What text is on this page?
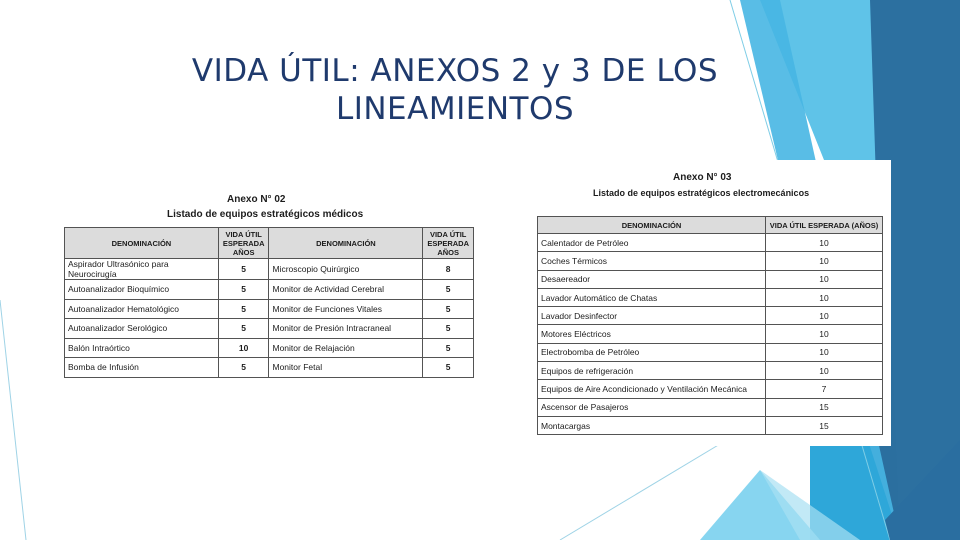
VIDA ÚTIL: ANEXOS 2 y 3 DE LOS
LINEAMIENTOS
Anexo N° 02
Listado de equipos estratégicos médicos
DENOMINACIÓN	VIDA ÚTIL ESPERADA AÑOS	DENOMINACIÓN	VIDA ÚTIL ESPERADA AÑOS
Aspirador Ultrasónico para Neurocirugía	5	Microscopio Quirúrgico	8
Autoanalizador Bioquímico	5	Monitor de Actividad Cerebral	5
Autoanalizador Hematológico	5	Monitor de Funciones Vitales	5
Autoanalizador Serológico	5	Monitor de Presión Intracraneal	5
Balón Intraórtico	10	Monitor de Relajación	5
Bomba de Infusión	5	Monitor Fetal	5
Anexo N° 03
Listado de equipos estratégicos electromecánicos
DENOMINACIÓN	VIDA ÚTIL ESPERADA (AÑOS)
Calentador de Petróleo	10
Coches Térmicos	10
Desaereador	10
Lavador Automático de Chatas	10
Lavador Desinfector	10
Motores Eléctricos	10
Electrobomba de Petróleo	10
Equipos de refrigeración	10
Equipos de Aire Acondicionado y Ventilación Mecánica	7
Ascensor de Pasajeros	15
Montacargas	15
